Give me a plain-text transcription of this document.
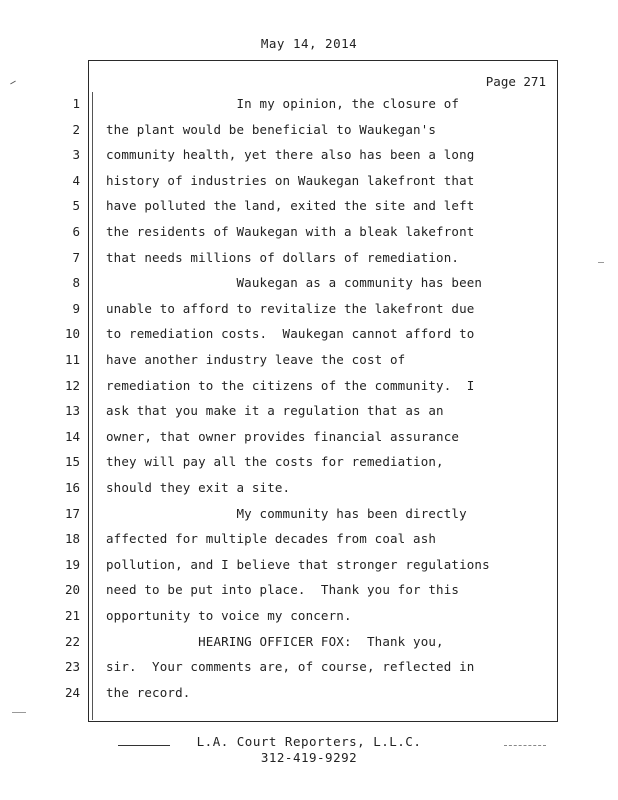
May 14, 2014
Page 271
1 In my opinion, the closure of
2 the plant would be beneficial to Waukegan's
3 community health, yet there also has been a long
4 history of industries on Waukegan lakefront that
5 have polluted the land, exited the site and left
6 the residents of Waukegan with a bleak lakefront
7 that needs millions of dollars of remediation.
8 Waukegan as a community has been
9 unable to afford to revitalize the lakefront due
10 to remediation costs.  Waukegan cannot afford to
11 have another industry leave the cost of
12 remediation to the citizens of the community.  I
13 ask that you make it a regulation that as an
14 owner, that owner provides financial assurance
15 they will pay all the costs for remediation,
16 should they exit a site.
17 My community has been directly
18 affected for multiple decades from coal ash
19 pollution, and I believe that stronger regulations
20 need to be put into place.  Thank you for this
21 opportunity to voice my concern.
22 HEARING OFFICER FOX:  Thank you,
23 sir.  Your comments are, of course, reflected in
24 the record.
L.A. Court Reporters, L.L.C.
312-419-9292
